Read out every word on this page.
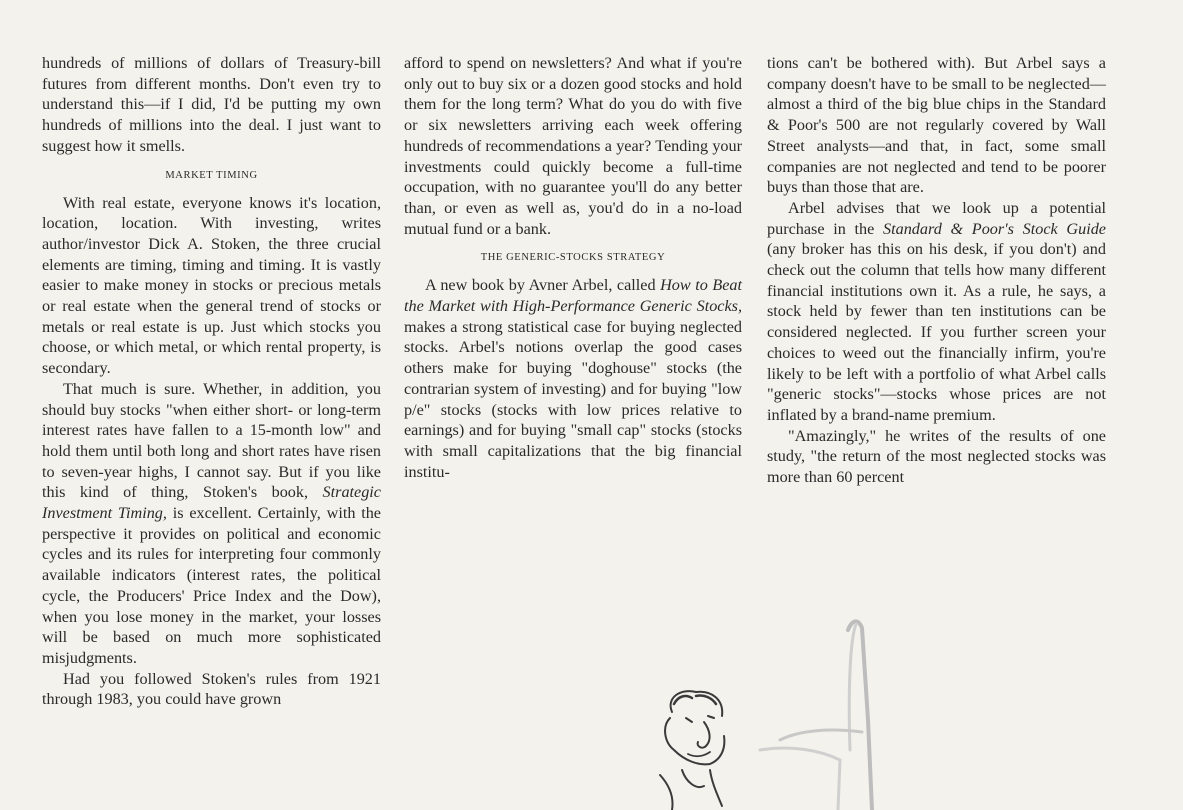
hundreds of millions of dollars of Treasury-bill futures from different months. Don't even try to understand this—if I did, I'd be putting my own hundreds of millions into the deal. I just want to suggest how it smells.

MARKET TIMING

With real estate, everyone knows it's location, location, location. With investing, writes author/investor Dick A. Stoken, the three crucial elements are timing, timing and timing. It is vastly easier to make money in stocks or precious metals or real estate when the general trend of stocks or metals or real estate is up. Just which stocks you choose, or which metal, or which rental property, is secondary.

That much is sure. Whether, in addition, you should buy stocks "when either short- or long-term interest rates have fallen to a 15-month low" and hold them until both long and short rates have risen to seven-year highs, I cannot say. But if you like this kind of thing, Stoken's book, Strategic Investment Timing, is excellent. Certainly, with the perspective it provides on political and economic cycles and its rules for interpreting four commonly available indicators (interest rates, the political cycle, the Producers' Price Index and the Dow), when you lose money in the market, your losses will be based on much more sophisticated misjudgments.

Had you followed Stoken's rules from 1921 through 1983, you could have grown

afford to spend on newsletters? And what if you're only out to buy six or a dozen good stocks and hold them for the long term? What do you do with five or six newsletters arriving each week offering hundreds of recommendations a year? Tending your investments could quickly become a full-time occupation, with no guarantee you'll do any better than, or even as well as, you'd do in a no-load mutual fund or a bank.

THE GENERIC-STOCKS STRATEGY

A new book by Avner Arbel, called How to Beat the Market with High-Performance Generic Stocks, makes a strong statistical case for buying neglected stocks. Arbel's notions overlap the good cases others make for buying "doghouse" stocks (the contrarian system of investing) and for buying "low p/e" stocks (stocks with low prices relative to earnings) and for buying "small cap" stocks (stocks with small capitalizations that the big financial institu-

tions can't be bothered with). But Arbel says a company doesn't have to be small to be neglected—almost a third of the big blue chips in the Standard & Poor's 500 are not regularly covered by Wall Street analysts—and that, in fact, some small companies are not neglected and tend to be poorer buys than those that are.

Arbel advises that we look up a potential purchase in the Standard & Poor's Stock Guide (any broker has this on his desk, if you don't) and check out the column that tells how many different financial institutions own it. As a rule, he says, a stock held by fewer than ten institutions can be considered neglected. If you further screen your choices to weed out the financially infirm, you're likely to be left with a portfolio of what Arbel calls "generic stocks"—stocks whose prices are not inflated by a brand-name premium.

"Amazingly," he writes of the results of one study, "the return of the most neglected stocks was more than 60 percent
